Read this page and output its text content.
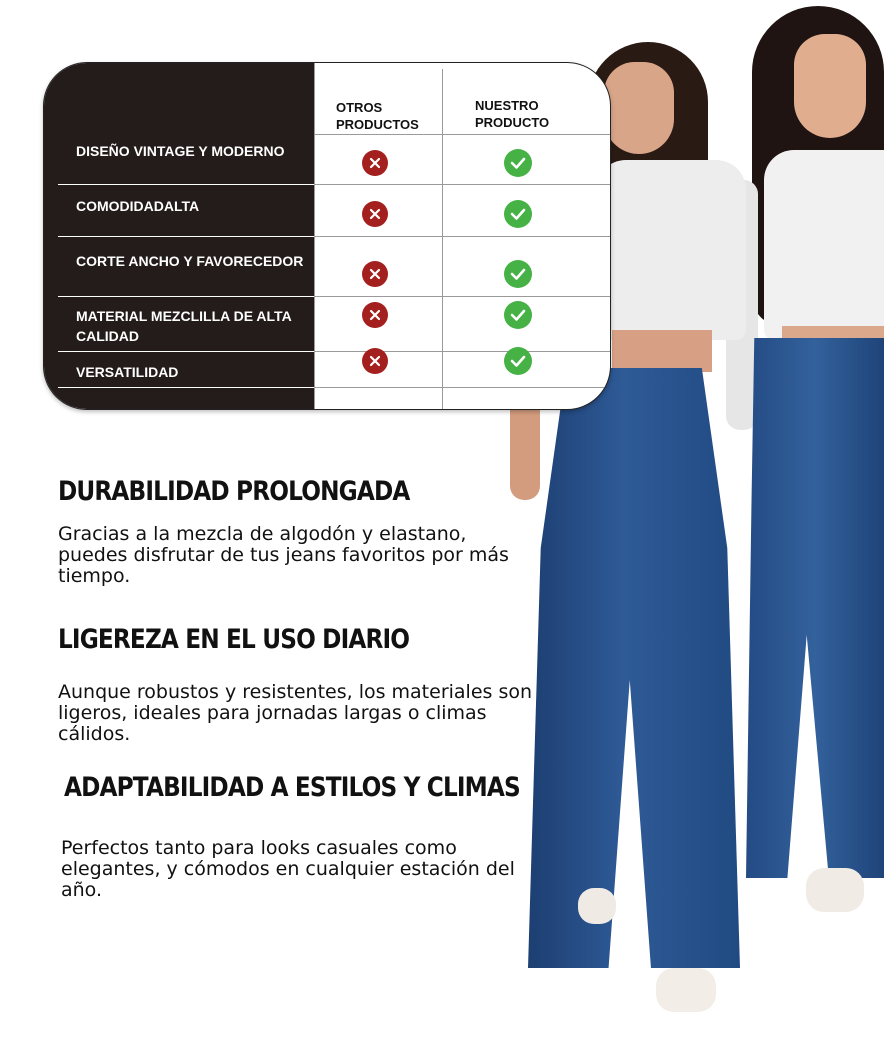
OTROS
PRODUCTOS
NUESTRO
PRODUCTO
DISEÑO VINTAGE Y MODERNO
COMODIDADALTA
CORTE ANCHO Y FAVORECEDOR
MATERIAL MEZCLILLA DE ALTA
CALIDAD
VERSATILIDAD
DURABILIDAD PROLONGADA
Gracias a la mezcla de algodón y elastano,
puedes disfrutar de tus jeans favoritos por más
tiempo.
LIGEREZA EN EL USO DIARIO
Aunque robustos y resistentes, los materiales son
ligeros, ideales para jornadas largas o climas
cálidos.
ADAPTABILIDAD A ESTILOS Y CLIMAS
Perfectos tanto para looks casuales como
elegantes, y cómodos en cualquier estación del
año.
